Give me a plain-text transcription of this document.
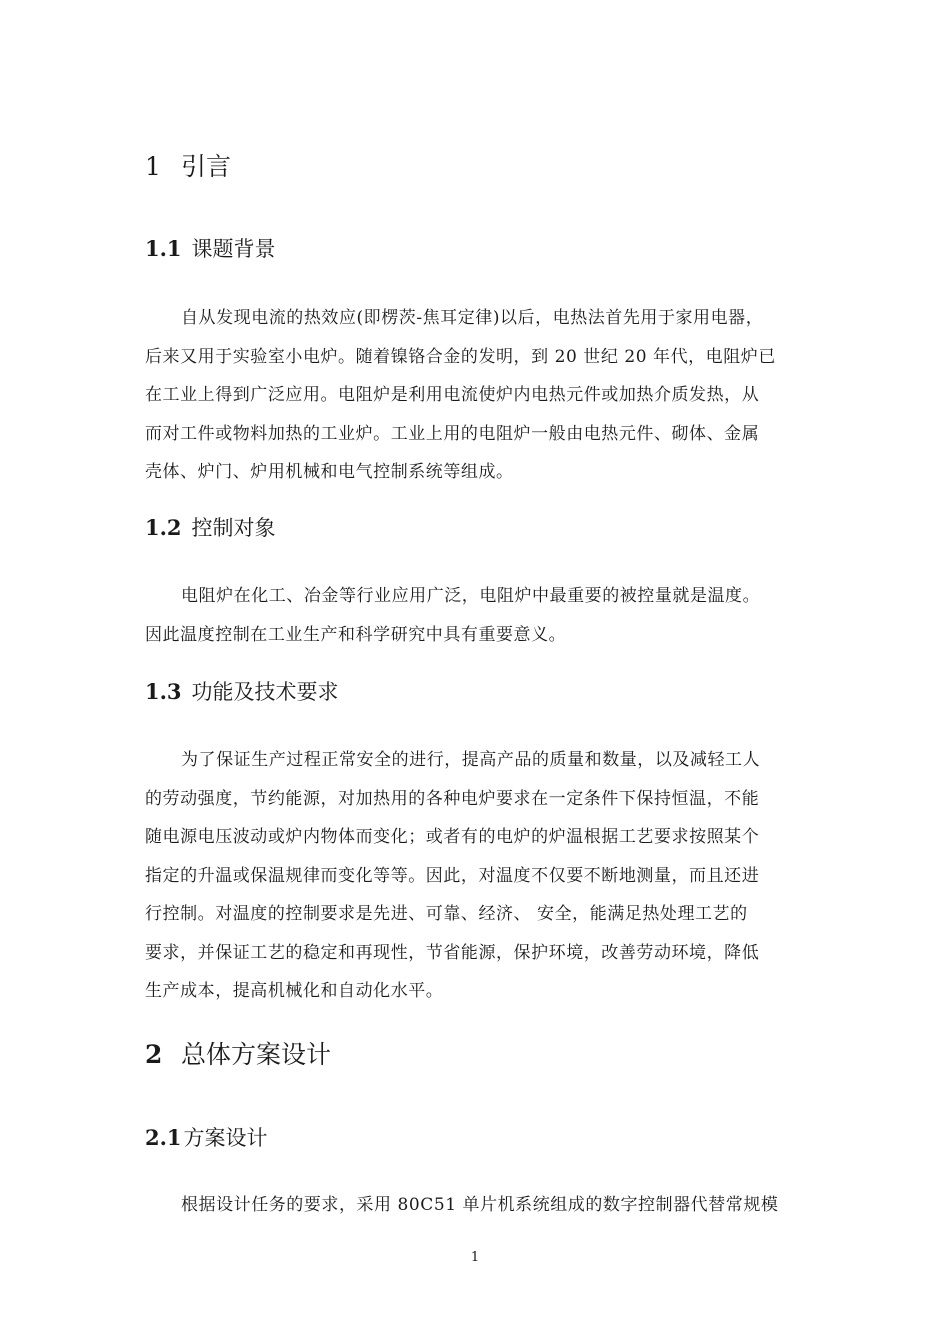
1 引言
1.1 课题背景
自从发现电流的热效应(即楞茨-焦耳定律)以后，电热法首先用于家用电器，
后来又用于实验室小电炉。随着镍铬合金的发明，到 20 世纪 20 年代，电阻炉已
在工业上得到广泛应用。电阻炉是利用电流使炉内电热元件或加热介质发热，从
而对工件或物料加热的工业炉。工业上用的电阻炉一般由电热元件、砌体、金属
壳体、炉门、炉用机械和电气控制系统等组成。
1.2 控制对象
电阻炉在化工、冶金等行业应用广泛，电阻炉中最重要的被控量就是温度。
因此温度控制在工业生产和科学研究中具有重要意义。
1.3 功能及技术要求
为了保证生产过程正常安全的进行，提高产品的质量和数量，以及减轻工人
的劳动强度，节约能源，对加热用的各种电炉要求在一定条件下保持恒温，不能
随电源电压波动或炉内物体而变化；或者有的电炉的炉温根据工艺要求按照某个
指定的升温或保温规律而变化等等。因此，对温度不仅要不断地测量，而且还进
行控制。对温度的控制要求是先进、可靠、经济、 安全，能满足热处理工艺的
要求，并保证工艺的稳定和再现性，节省能源，保护环境，改善劳动环境，降低
生产成本，提高机械化和自动化水平。
2 总体方案设计
2.1方案设计
根据设计任务的要求，采用 80C51 单片机系统组成的数字控制器代替常规模
1
